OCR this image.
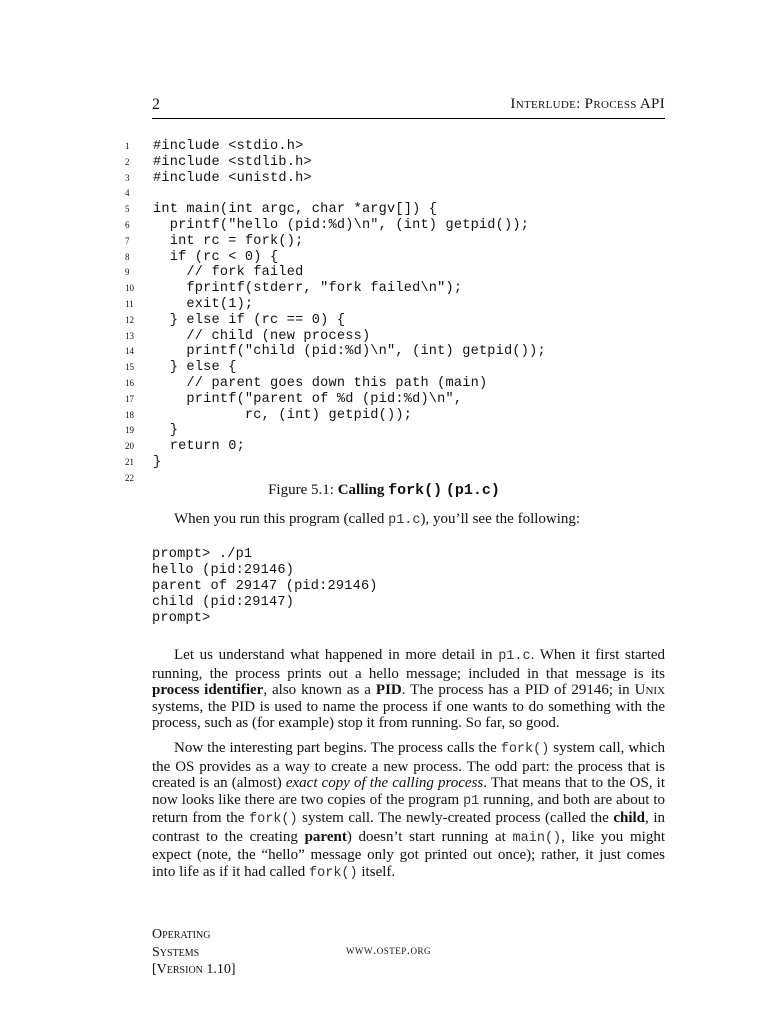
2	Interlude: Process API
1	#include <stdio.h>
2	#include <stdlib.h>
3	#include <unistd.h>
4
5	int main(int argc, char *argv[]) {
6	printf("hello (pid:%d)\n", (int) getpid());
7	int rc = fork();
8	if (rc < 0) {
9	// fork failed
10	fprintf(stderr, "fork failed\n");
11	exit(1);
12	} else if (rc == 0) {
13	// child (new process)
14	printf("child (pid:%d)\n", (int) getpid());
15	} else {
16	// parent goes down this path (main)
17	printf("parent of %d (pid:%d)\n",
18	rc, (int) getpid());
19	}
20	return 0;
21	}
22
Figure 5.1: Calling fork() (p1.c)
When you run this program (called p1.c), you’ll see the following:
prompt> ./p1
hello (pid:29146)
parent of 29147 (pid:29146)
child (pid:29147)
prompt>
Let us understand what happened in more detail in p1.c. When it first started running, the process prints out a hello message; included in that message is its process identifier, also known as a PID. The process has a PID of 29146; in Unix systems, the PID is used to name the process if one wants to do something with the process, such as (for example) stop it from running. So far, so good.
Now the interesting part begins. The process calls the fork() system call, which the OS provides as a way to create a new process. The odd part: the process that is created is an (almost) exact copy of the calling process. That means that to the OS, it now looks like there are two copies of the program p1 running, and both are about to return from the fork() system call. The newly-created process (called the child, in contrast to the creating parent) doesn’t start running at main(), like you might expect (note, the “hello” message only got printed out once); rather, it just comes into life as if it had called fork() itself.
Operating
Systems
[Version 1.10]
www.ostep.org
